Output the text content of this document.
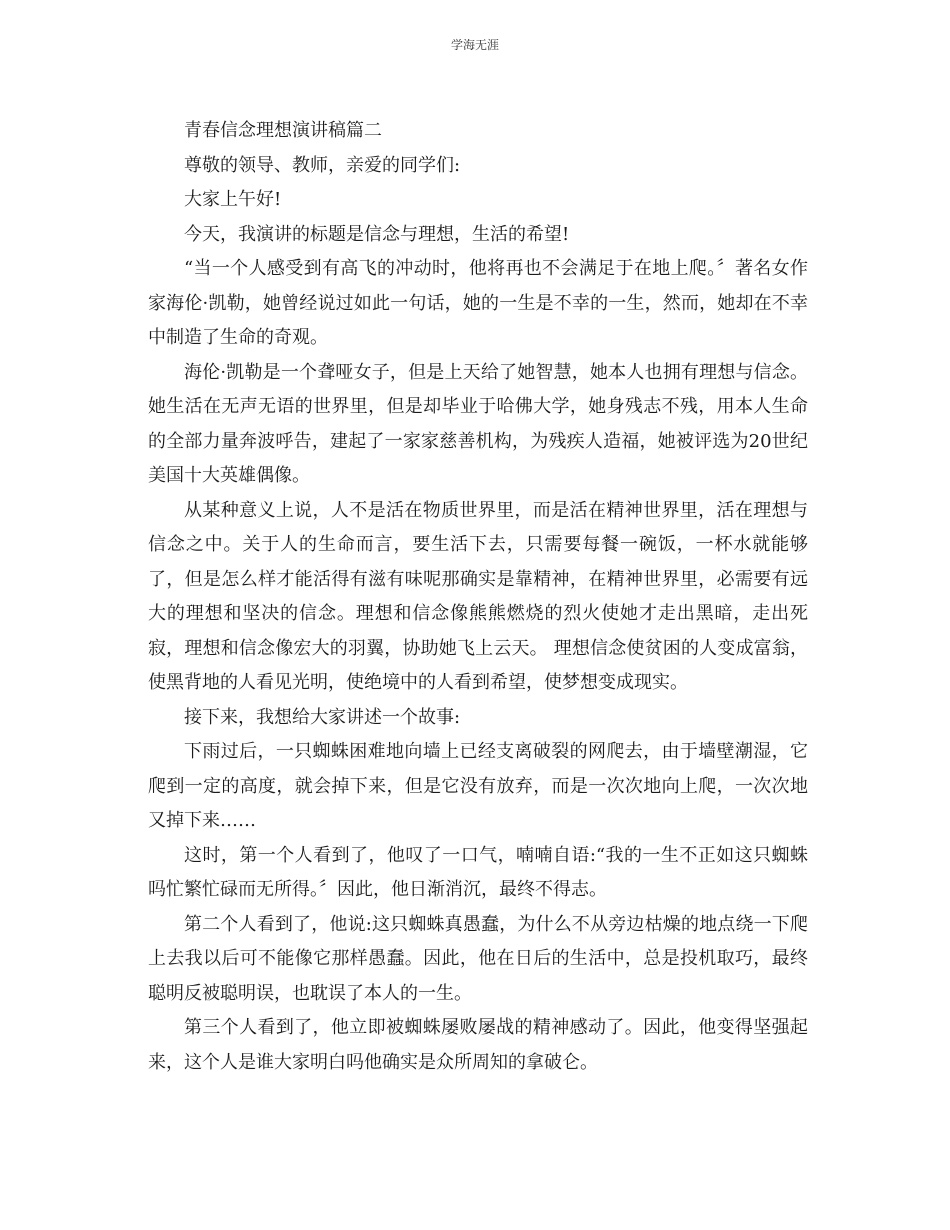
学海无涯

青春信念理想演讲稿篇二

尊敬的领导、教师，亲爱的同学们:

大家上午好!

今天，我演讲的标题是信念与理想，生活的希望!

“当一个人感受到有高飞的冲动时，他将再也不会满足于在地上爬。〞著名女作家海伦·凯勒，她曾经说过如此一句话，她的一生是不幸的一生，然而，她却在不幸中制造了生命的奇观。

海伦·凯勒是一个聋哑女子，但是上天给了她智慧，她本人也拥有理想与信念。她生活在无声无语的世界里，但是却毕业于哈佛大学，她身残志不残，用本人生命的全部力量奔波呼告，建起了一家家慈善机构，为残疾人造福，她被评选为20世纪美国十大英雄偶像。

从某种意义上说，人不是活在物质世界里，而是活在精神世界里，活在理想与信念之中。关于人的生命而言，要生活下去，只需要每餐一碗饭，一杯水就能够了，但是怎么样才能活得有滋有味呢那确实是靠精神，在精神世界里，必需要有远大的理想和坚决的信念。理想和信念像熊熊燃烧的烈火使她才走出黑暗，走出死寂，理想和信念像宏大的羽翼，协助她飞上云天。 理想信念使贫困的人变成富翁，使黑背地的人看见光明，使绝境中的人看到希望，使梦想变成现实。

接下来，我想给大家讲述一个故事:

下雨过后，一只蜘蛛困难地向墙上已经支离破裂的网爬去，由于墙壁潮湿，它爬到一定的高度，就会掉下来，但是它没有放弃，而是一次次地向上爬，一次次地又掉下来……

这时，第一个人看到了，他叹了一口气，喃喃自语:“我的一生不正如这只蜘蛛吗忙繁忙碌而无所得。〞因此，他日渐消沉，最终不得志。

第二个人看到了，他说:这只蜘蛛真愚蠢，为什么不从旁边枯燥的地点绕一下爬上去我以后可不能像它那样愚蠢。因此，他在日后的生活中，总是投机取巧，最终聪明反被聪明误，也耽误了本人的一生。

第三个人看到了，他立即被蜘蛛屡败屡战的精神感动了。因此，他变得坚强起来，这个人是谁大家明白吗他确实是众所周知的拿破仑。
